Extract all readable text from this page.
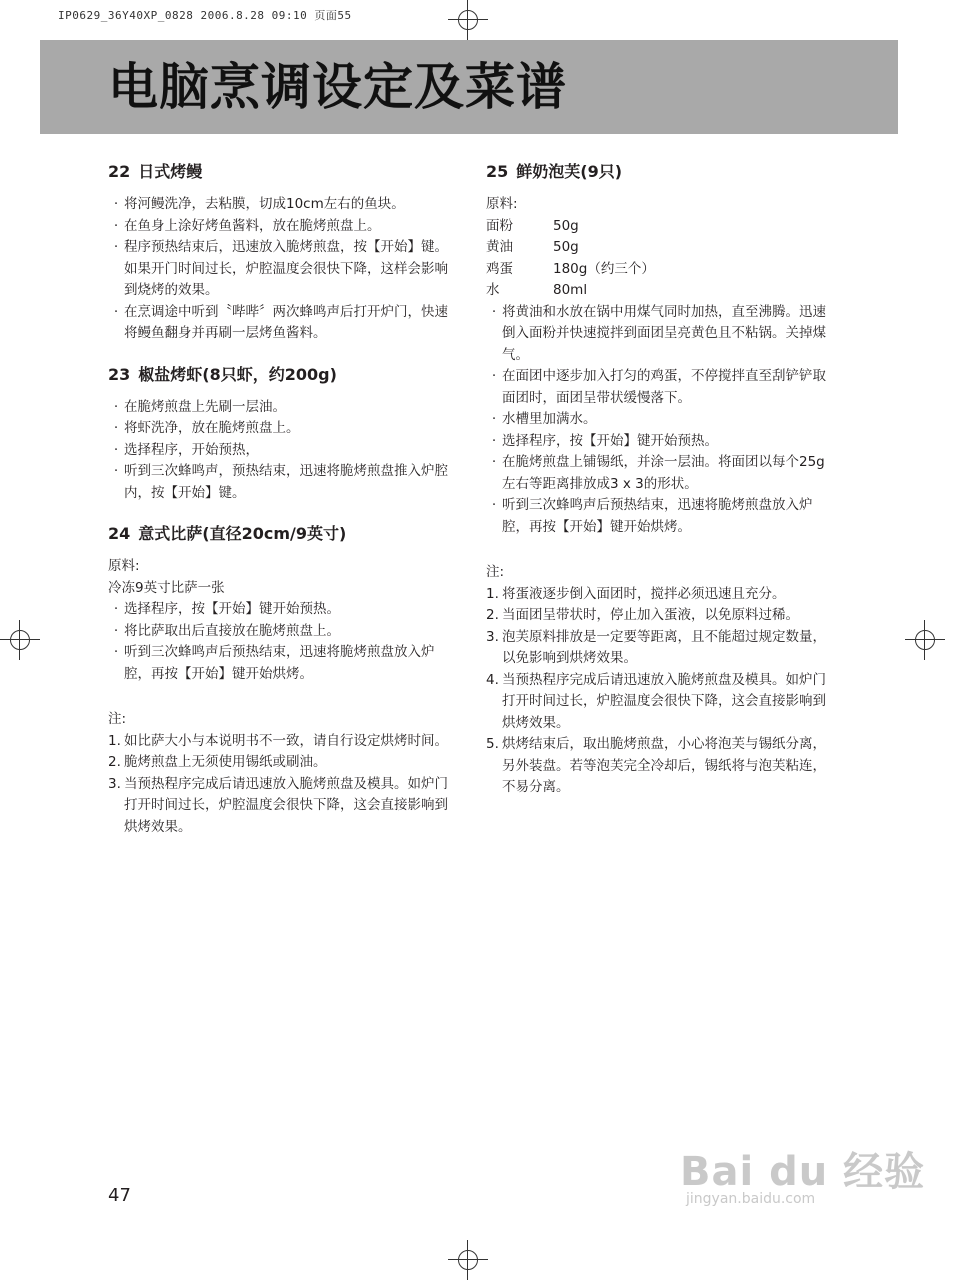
IP0629_36Y40XP_0828 2006.8.28 09:10 页面55
电脑烹调设定及菜谱
22 日式烤鳗

· 将河鳗洗净，去粘膜，切成10cm左右的鱼块。

· 在鱼身上涂好烤鱼酱料，放在脆烤煎盘上。

· 程序预热结束后，迅速放入脆烤煎盘，按【开始】键。如果开门时间过长，炉腔温度会很快下降，这样会影响到烧烤的效果。

· 在烹调途中听到〝哔哔〞两次蜂鸣声后打开炉门，快速将鳗鱼翻身并再刷一层烤鱼酱料。

23 椒盐烤虾(8只虾，约200g)

· 在脆烤煎盘上先刷一层油。

· 将虾洗净，放在脆烤煎盘上。

· 选择程序，开始预热，

· 听到三次蜂鸣声，预热结束，迅速将脆烤煎盘推入炉腔内，按【开始】键。

24 意式比萨(直径20cm/9英寸)

原料:

冷冻9英寸比萨一张

· 选择程序，按【开始】键开始预热。

· 将比萨取出后直接放在脆烤煎盘上。

· 听到三次蜂鸣声后预热结束，迅速将脆烤煎盘放入炉腔，再按【开始】键开始烘烤。

注:

1. 如比萨大小与本说明书不一致，请自行设定烘烤时间。

2. 脆烤煎盘上无须使用锡纸或刷油。

3. 当预热程序完成后请迅速放入脆烤煎盘及模具。如炉门打开时间过长，炉腔温度会很快下降，这会直接影响到烘烤效果。

25 鲜奶泡芙(9只)

原料:

面粉	50g
黄油	50g
鸡蛋	180g（约三个）
水	80ml

· 将黄油和水放在锅中用煤气同时加热，直至沸腾。迅速倒入面粉并快速搅拌到面团呈亮黄色且不粘锅。关掉煤气。

· 在面团中逐步加入打匀的鸡蛋，不停搅拌直至刮铲铲取面团时，面团呈带状缓慢落下。

· 水槽里加满水。

· 选择程序，按【开始】键开始预热。

· 在脆烤煎盘上铺锡纸，并涂一层油。将面团以每个25g左右等距离排放成3 x 3的形状。

· 听到三次蜂鸣声后预热结束，迅速将脆烤煎盘放入炉腔，再按【开始】键开始烘烤。

注:

1. 将蛋液逐步倒入面团时，搅拌必须迅速且充分。

2. 当面团呈带状时，停止加入蛋液，以免原料过稀。

3. 泡芙原料排放是一定要等距离，且不能超过规定数量，以免影响到烘烤效果。

4. 当预热程序完成后请迅速放入脆烤煎盘及模具。如炉门打开时间过长，炉腔温度会很快下降，这会直接影响到烘烤效果。

5. 烘烤结束后，取出脆烤煎盘，小心将泡芙与锡纸分离，另外装盘。若等泡芙完全冷却后，锡纸将与泡芙粘连，不易分离。

47
Bai du 经验
jingyan.baidu.com
